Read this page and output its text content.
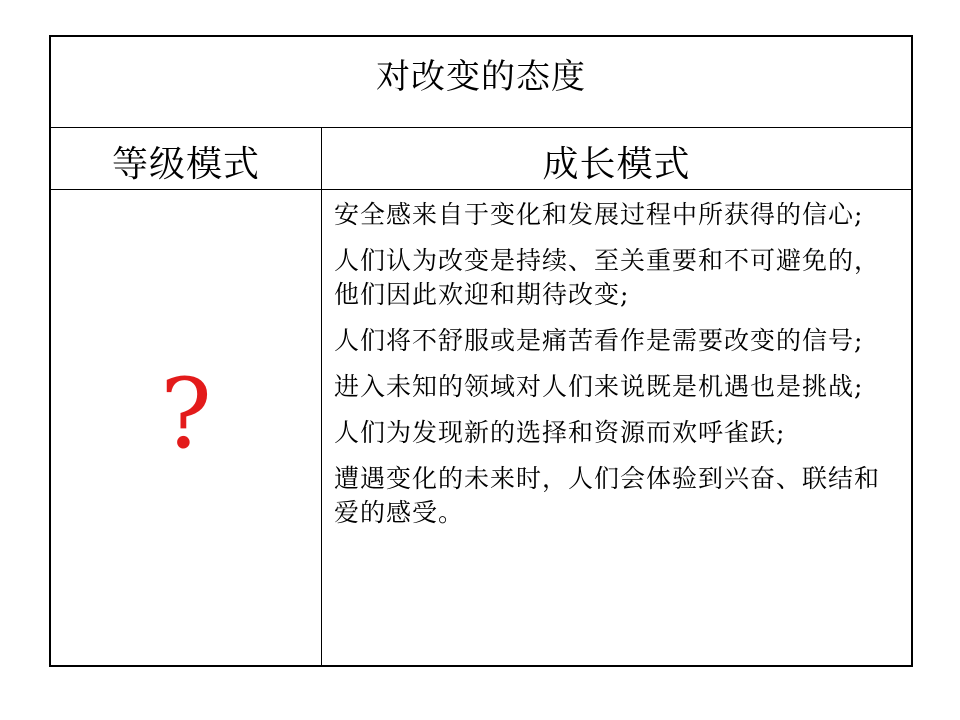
对改变的态度
等级模式	成长模式
?
安全感来自于变化和发展过程中所获得的信心;
人们认为改变是持续、至关重要和不可避免的，他们因此欢迎和期待改变;
人们将不舒服或是痛苦看作是需要改变的信号;
进入未知的领域对人们来说既是机遇也是挑战;
人们为发现新的选择和资源而欢呼雀跃;
遭遇变化的未来时，人们会体验到兴奋、联结和爱的感受。
